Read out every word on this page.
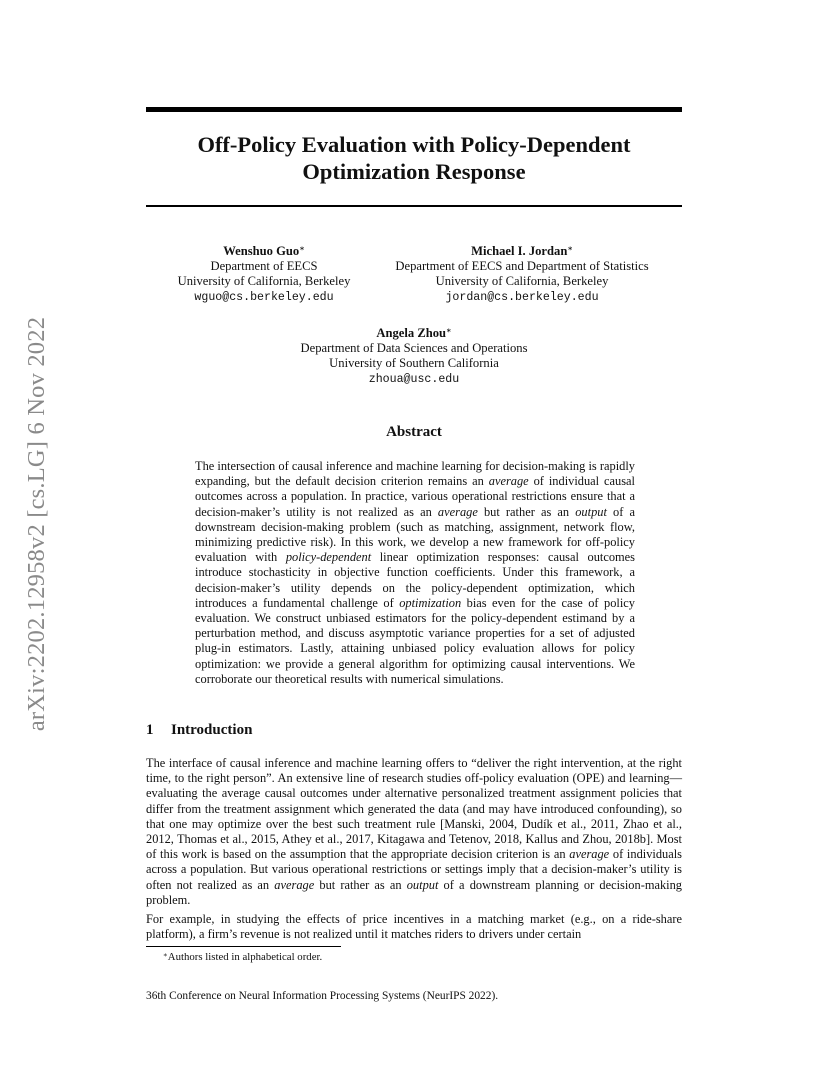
arXiv:2202.12958v2 [cs.LG] 6 Nov 2022
Off-Policy Evaluation with Policy-Dependent
Optimization Response
Wenshuo Guo∗
Department of EECS
University of California, Berkeley
wguo@cs.berkeley.edu
Michael I. Jordan∗
Department of EECS and Department of Statistics
University of California, Berkeley
jordan@cs.berkeley.edu
Angela Zhou∗
Department of Data Sciences and Operations
University of Southern California
zhoua@usc.edu
Abstract

The intersection of causal inference and machine learning for decision-making is rapidly expanding, but the default decision criterion remains an average of individual causal outcomes across a population. In practice, various operational restrictions ensure that a decision-maker’s utility is not realized as an average but rather as an output of a downstream decision-making problem (such as matching, assignment, network flow, minimizing predictive risk). In this work, we develop a new framework for off-policy evaluation with policy-dependent linear optimization responses: causal outcomes introduce stochasticity in objective function coefficients. Under this framework, a decision-maker’s utility depends on the policy-dependent optimization, which introduces a fundamental challenge of optimization bias even for the case of policy evaluation. We construct unbiased estimators for the policy-dependent estimand by a perturbation method, and discuss asymptotic variance properties for a set of adjusted plug-in estimators. Lastly, attaining unbiased policy evaluation allows for policy optimization: we provide a general algorithm for optimizing causal interventions. We corroborate our theoretical results with numerical simulations.

1 Introduction

The interface of causal inference and machine learning offers to “deliver the right intervention, at the right time, to the right person”. An extensive line of research studies off-policy evaluation (OPE) and learning—evaluating the average causal outcomes under alternative personalized treatment assignment policies that differ from the treatment assignment which generated the data (and may have introduced confounding), so that one may optimize over the best such treatment rule [Manski, 2004, Dudík et al., 2011, Zhao et al., 2012, Thomas et al., 2015, Athey et al., 2017, Kitagawa and Tetenov, 2018, Kallus and Zhou, 2018b]. Most of this work is based on the assumption that the appropriate decision criterion is an average of individuals across a population. But various operational restrictions or settings imply that a decision-maker’s utility is often not realized as an average but rather as an output of a downstream planning or decision-making problem.

For example, in studying the effects of price incentives in a matching market (e.g., on a ride-share platform), a firm’s revenue is not realized until it matches riders to drivers under certain

∗Authors listed in alphabetical order.

36th Conference on Neural Information Processing Systems (NeurIPS 2022).
